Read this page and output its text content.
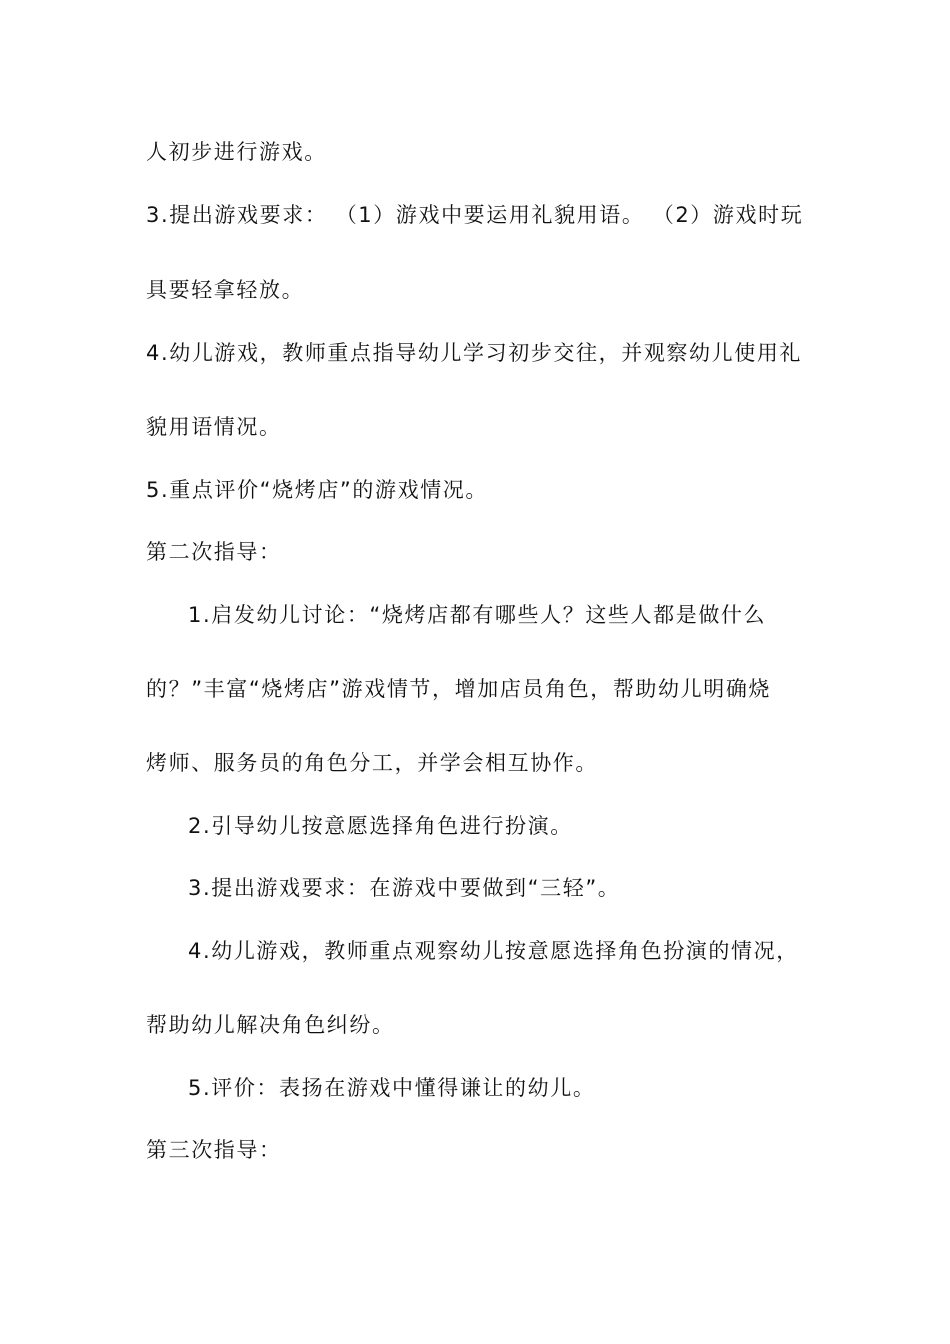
人初步进行游戏。
3.提出游戏要求： （1）游戏中要运用礼貌用语。 （2）游戏时玩
具要轻拿轻放。
4.幼儿游戏，教师重点指导幼儿学习初步交往，并观察幼儿使用礼
貌用语情况。
5.重点评价“烧烤店”的游戏情况。
第二次指导：
1.启发幼儿讨论：“烧烤店都有哪些人？这些人都是做什么
的？”丰富“烧烤店”游戏情节，增加店员角色，帮助幼儿明确烧
烤师、服务员的角色分工，并学会相互协作。
2.引导幼儿按意愿选择角色进行扮演。
3.提出游戏要求：在游戏中要做到“三轻”。
4.幼儿游戏，教师重点观察幼儿按意愿选择角色扮演的情况，
帮助幼儿解决角色纠纷。
5.评价：表扬在游戏中懂得谦让的幼儿。
第三次指导：
